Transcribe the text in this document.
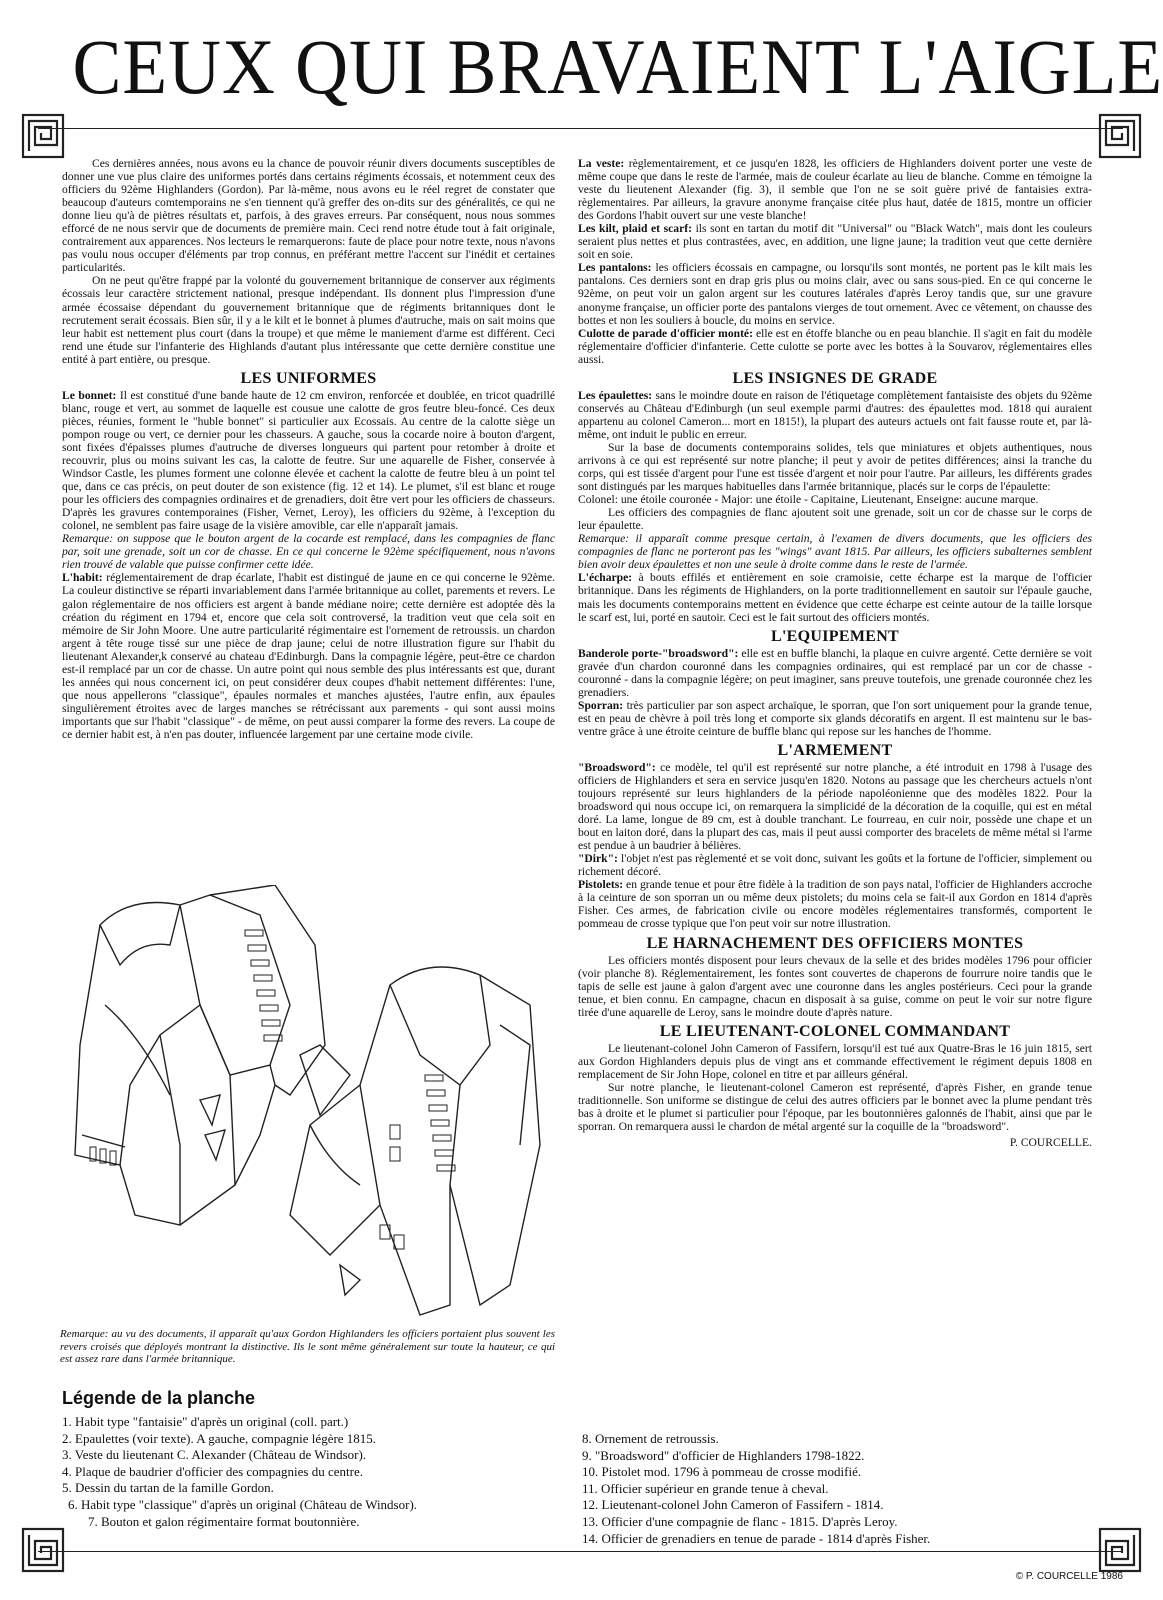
CEUX QUI BRAVAIENT L'AIGLE

Ces dernières années, nous avons eu la chance de pouvoir réunir divers documents susceptibles de donner une vue plus claire des uniformes portés dans certains régiments écossais, et notemment ceux des officiers du 92ème Highlanders (Gordon). Par là-même, nous avons eu le réel regret de constater que beaucoup d'auteurs comtemporains ne s'en tiennent qu'à greffer des on-dits sur des généralités, ce qui ne donne lieu qu'à de piètres résultats et, parfois, à des graves erreurs. Par conséquent, nous nous sommes efforcé de ne nous servir que de documents de première main. Ceci rend notre étude tout à fait originale, contrairement aux apparences. Nos lecteurs le remarquerons: faute de place pour notre texte, nous n'avons pas voulu nous occuper d'éléments par trop connus, en préférant mettre l'accent sur l'inédit et certaines particularités.

On ne peut qu'être frappé par la volonté du gouvernement britannique de conserver aux régiments écossais leur caractère strictement national, presque indépendant. Ils donnent plus l'impression d'une armée écossaise dépendant du gouvernement britannique que de régiments britanniques dont le recrutement serait écossais. Bien sûr, il y a le kilt et le bonnet à plumes d'autruche, mais on sait moins que leur habit est nettement plus court (dans la troupe) et que même le maniement d'arme est différent. Ceci rend une étude sur l'infanterie des Highlands d'autant plus intéressante que cette dernière constitue une entité à part entière, ou presque.

LES UNIFORMES

Le bonnet: Il est constitué d'une bande haute de 12 cm environ, renforcée et doublée, en tricot quadrillé blanc, rouge et vert, au sommet de laquelle est cousue une calotte de gros feutre bleu-foncé. Ces deux pièces, réunies, forment le "huble bonnet" si particulier aux Ecossais. Au centre de la calotte siège un pompon rouge ou vert, ce dernier pour les chasseurs. A gauche, sous la cocarde noire à bouton d'argent, sont fixées d'épaisses plumes d'autruche de diverses longueurs qui partent pour retomber à droite et recouvrir, plus ou moins suivant les cas, la calotte de feutre. Sur une aquarelle de Fisher, conservée à Windsor Castle, les plumes forment une colonne élevée et cachent la calotte de feutre bleu à un point tel que, dans ce cas précis, on peut douter de son existence (fig. 12 et 14). Le plumet, s'il est blanc et rouge pour les officiers des compagnies ordinaires et de grenadiers, doit être vert pour les officiers de chasseurs. D'après les gravures contemporaines (Fisher, Vernet, Leroy), les officiers du 92ème, à l'exception du colonel, ne semblent pas faire usage de la visière amovible, car elle n'apparaît jamais.

Remarque: on suppose que le bouton argent de la cocarde est remplacé, dans les compagnies de flanc par, soit une grenade, soit un cor de chasse. En ce qui concerne le 92ème spécifiquement, nous n'avons rien trouvé de valable que puisse confirmer cette idée.

L'habit: réglementairement de drap écarlate, l'habit est distingué de jaune en ce qui concerne le 92ème. La couleur distinctive se réparti invariablement dans l'armée britannique au collet, parements et revers. Le galon réglementaire de nos officiers est argent à bande médiane noire; cette dernière est adoptée dès la création du régiment en 1794 et, encore que cela soit controversé, la tradition veut que cela soit en mémoire de Sir John Moore. Une autre particularité régimentaire est l'ornement de retroussis. un chardon argent à tête rouge tissé sur une pièce de drap jaune; celui de notre illustration figure sur l'habit du lieutenant Alexander,k conservé au chateau d'Edinburgh. Dans la compagnie légère, peut-être ce chardon est-il remplacé par un cor de chasse. Un autre point qui nous semble des plus intéressants est que, durant les années qui nous concernent ici, on peut considérer deux coupes d'habit nettement différentes: l'une, que nous appellerons "classique", épaules normales et manches ajustées, l'autre enfin, aux épaules singulièrement étroites avec de larges manches se rétrécissant aux parements - qui sont aussi moins importants que sur l'habit "classique" - de même, on peut aussi comparer la forme des revers. La coupe de ce dernier habit est, à n'en pas douter, influencée largement par une certaine mode civile.

Remarque: au vu des documents, il apparaît qu'aux Gordon Highlanders les officiers portaient plus souvent les revers croisés que déployés montrant la distinctive. Ils le sont même généralement sur toute la hauteur, ce qui est assez rare dans l'armée britannique.

La veste: règlementairement, et ce jusqu'en 1828, les officiers de Highlanders doivent porter une veste de même coupe que dans le reste de l'armée, mais de couleur écarlate au lieu de blanche. Comme en témoigne la veste du lieutenent Alexander (fig. 3), il semble que l'on ne se soit guère privé de fantaisies extra-règlementaires. Par ailleurs, la gravure anonyme française citée plus haut, datée de 1815, montre un officier des Gordons l'habit ouvert sur une veste blanche!

Les kilt, plaid et scarf: ils sont en tartan du motif dit "Universal" ou "Black Watch", mais dont les couleurs seraient plus nettes et plus contrastées, avec, en addition, une ligne jaune; la tradition veut que cette dernière soit en soie.

Les pantalons: les officiers écossais en campagne, ou lorsqu'ils sont montés, ne portent pas le kilt mais les pantalons. Ces derniers sont en drap gris plus ou moins clair, avec ou sans sous-pied. En ce qui concerne le 92ème, on peut voir un galon argent sur les coutures latérales d'après Leroy tandis que, sur une gravure anonyme française, un officier porte des pantalons vierges de tout ornement. Avec ce vêtement, on chausse des bottes et non les souliers à boucle, du moins en service.

Culotte de parade d'officier monté: elle est en étoffe blanche ou en peau blanchie. Il s'agit en fait du modèle réglementaire d'officier d'infanterie. Cette culotte se porte avec les bottes à la Souvarov, réglementaires elles aussi.

LES INSIGNES DE GRADE

Les épaulettes: sans le moindre doute en raison de l'étiquetage complètement fantaisiste des objets du 92ème conservés au Château d'Edinburgh (un seul exemple parmi d'autres: des épaulettes mod. 1818 qui auraient appartenu au colonel Cameron... mort en 1815!), la plupart des auteurs actuels ont fait fausse route et, par là-même, ont induit le public en erreur.

Sur la base de documents contemporains solides, tels que miniatures et objets authentiques, nous arrivons à ce qui est représenté sur notre planche; il peut y avoir de petites différences; ainsi la tranche du corps, qui est tissée d'argent pour l'une est tissée d'argent et noir pour l'autre. Par ailleurs, les différents grades sont distingués par les marques habituelles dans l'armée britannique, placés sur le corps de l'épaulette:

Colonel: une étoile couronée - Major: une étoile - Capitaine, Lieutenant, Enseigne: aucune marque.

Les officiers des compagnies de flanc ajoutent soit une grenade, soit un cor de chasse sur le corps de leur épaulette.

Remarque: il apparaît comme presque certain, à l'examen de divers documents, que les officiers des compagnies de flanc ne porteront pas les "wings" avant 1815. Par ailleurs, les officiers subalternes semblent bien avoir deux épaulettes et non une seule à droite comme dans le reste de l'armée.

L'écharpe: à bouts effilés et entièrement en soie cramoisie, cette écharpe est la marque de l'officier britannique. Dans les régiments de Highlanders, on la porte traditionnellement en sautoir sur l'épaule gauche, mais les documents contemporains mettent en évidence que cette écharpe est ceinte autour de la taille lorsque le scarf est, lui, porté en sautoir. Ceci est le fait surtout des officiers montés.

L'EQUIPEMENT

Banderole porte-"broadsword": elle est en buffle blanchi, la plaque en cuivre argenté. Cette dernière se voit gravée d'un chardon couronné dans les compagnies ordinaires, qui est remplacé par un cor de chasse - couronné - dans la compagnie légère; on peut imaginer, sans preuve toutefois, une grenade couronnée chez les grenadiers.

Sporran: très particulier par son aspect archaïque, le sporran, que l'on sort uniquement pour la grande tenue, est en peau de chèvre à poil très long et comporte six glands décoratifs en argent. Il est maintenu sur le bas-ventre grâce à une étroite ceinture de buffle blanc qui repose sur les hanches de l'homme.

L'ARMEMENT

"Broadsword": ce modèle, tel qu'il est représenté sur notre planche, a été introduit en 1798 à l'usage des officiers de Highlanders et sera en service jusqu'en 1820. Notons au passage que les chercheurs actuels n'ont toujours représenté sur leurs highlanders de la période napoléonienne que des modèles 1822. Pour la broadsword qui nous occupe ici, on remarquera la simplicidé de la décoration de la coquille, qui est en métal doré. La lame, longue de 89 cm, est à double tranchant. Le fourreau, en cuir noir, possède une chape et un bout en laiton doré, dans la plupart des cas, mais il peut aussi comporter des bracelets de même métal si l'arme est pendue à un baudrier à bélières.

"Dirk": l'objet n'est pas règlementé et se voit donc, suivant les goûts et la fortune de l'officier, simplement ou richement décoré.

Pistolets: en grande tenue et pour être fidèle à la tradition de son pays natal, l'officier de Highlanders accroche à la ceinture de son sporran un ou même deux pistolets; du moins cela se fait-il aux Gordon en 1814 d'après Fisher. Ces armes, de fabrication civile ou encore modèles réglementaires transformés, comportent le pommeau de crosse typique que l'on peut voir sur notre illustration.

LE HARNACHEMENT DES OFFICIERS MONTES

Les officiers montés disposent pour leurs chevaux de la selle et des brides modèles 1796 pour officier (voir planche 8). Réglementairement, les fontes sont couvertes de chaperons de fourrure noire tandis que le tapis de selle est jaune à galon d'argent avec une couronne dans les angles postérieurs. Ceci pour la grande tenue, et bien connu. En campagne, chacun en disposait à sa guise, comme on peut le voir sur notre figure tirée d'une aquarelle de Leroy, sans le moindre doute d'après nature.

LE LIEUTENANT-COLONEL COMMANDANT

Le lieutenant-colonel John Cameron of Fassifern, lorsqu'il est tué aux Quatre-Bras le 16 juin 1815, sert aux Gordon Highlanders depuis plus de vingt ans et commande effectivement le régiment depuis 1808 en remplacement de Sir John Hope, colonel en titre et par ailleurs général.

Sur notre planche, le lieutenant-colonel Cameron est représenté, d'après Fisher, en grande tenue traditionnelle. Son uniforme se distingue de celui des autres officiers par le bonnet avec la plume pendant très bas à droite et le plumet si particulier pour l'époque, par les boutonnières galonnés de l'habit, ainsi que par le sporran. On remarquera aussi le chardon de métal argenté sur la coquille de la "broadsword".

P. COURCELLE.
Légende de la planche
1. Habit type "fantaisie" d'après un original (coll. part.)
2. Epaulettes (voir texte). A gauche, compagnie légère 1815.
3. Veste du lieutenant C. Alexander (Château de Windsor).
4. Plaque de baudrier d'officier des compagnies du centre.
5. Dessin du tartan de la famille Gordon.
6. Habit type "classique" d'après un original (Château de Windsor).
7. Bouton et galon régimentaire format boutonnière.
8. Ornement de retroussis.
9. "Broadsword" d'officier de Highlanders 1798-1822.
10. Pistolet mod. 1796 à pommeau de crosse modifié.
11. Officier supérieur en grande tenue à cheval.
12. Lieutenant-colonel John Cameron of Fassifern - 1814.
13. Officier d'une compagnie de flanc - 1815. D'après Leroy.
14. Officier de grenadiers en tenue de parade - 1814 d'après Fisher.
© P. COURCELLE 1986
